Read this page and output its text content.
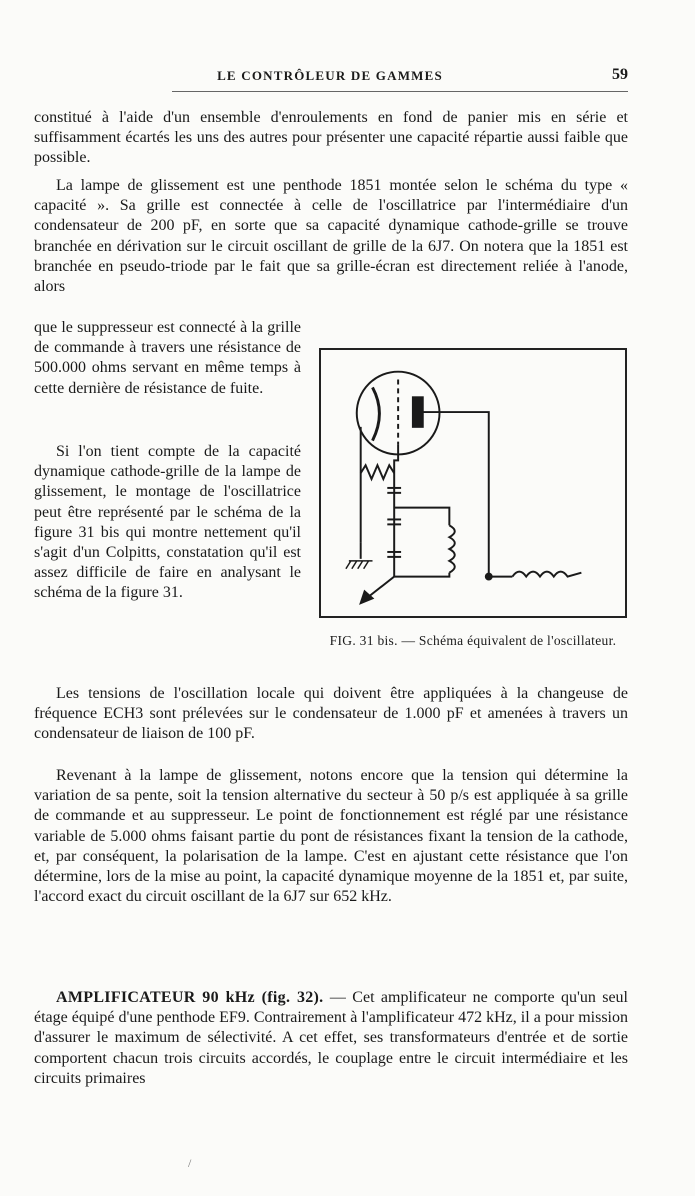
LE CONTRÔLEUR DE GAMMES	59

constitué à l'aide d'un ensemble d'enroulements en fond de panier mis en série et suffisamment écartés les uns des autres pour présenter une capacité répartie aussi faible que possible.

La lampe de glissement est une penthode 1851 montée selon le schéma du type « capacité ». Sa grille est connectée à celle de l'oscillatrice par l'intermédiaire d'un condensateur de 200 pF, en sorte que sa capacité dynamique cathode-grille se trouve branchée en dérivation sur le circuit oscillant de grille de la 6J7. On notera que la 1851 est branchée en pseudo-triode par le fait que sa grille-écran est directement reliée à l'anode, alors

que le suppresseur est connecté à la grille de commande à travers une résistance de 500.000 ohms servant en même temps à cette dernière de résistance de fuite.

Si l'on tient compte de la capacité dynamique cathode-grille de la lampe de glissement, le montage de l'oscillatrice peut être représenté par le schéma de la figure 31 bis qui montre nettement qu'il s'agit d'un Colpitts, constatation qu'il est assez difficile de faire en analysant le schéma de la figure 31.

FIG. 31 bis. — Schéma équivalent de l'oscillateur.

Les tensions de l'oscillation locale qui doivent être appliquées à la changeuse de fréquence ECH3 sont prélevées sur le condensateur de 1.000 pF et amenées à travers un condensateur de liaison de 100 pF.

Revenant à la lampe de glissement, notons encore que la tension qui détermine la variation de sa pente, soit la tension alternative du secteur à 50 p/s est appliquée à sa grille de commande et au suppresseur. Le point de fonctionnement est réglé par une résistance variable de 5.000 ohms faisant partie du pont de résistances fixant la tension de la cathode, et, par conséquent, la polarisation de la lampe. C'est en ajustant cette résistance que l'on détermine, lors de la mise au point, la capacité dynamique moyenne de la 1851 et, par suite, l'accord exact du circuit oscillant de la 6J7 sur 652 kHz.

AMPLIFICATEUR 90 kHz (fig. 32). — Cet amplificateur ne comporte qu'un seul étage équipé d'une penthode EF9. Contrairement à l'amplificateur 472 kHz, il a pour mission d'assurer le maximum de sélectivité. A cet effet, ses transformateurs d'entrée et de sortie comportent chacun trois circuits accordés, le couplage entre le circuit intermédiaire et les circuits primaires

/
